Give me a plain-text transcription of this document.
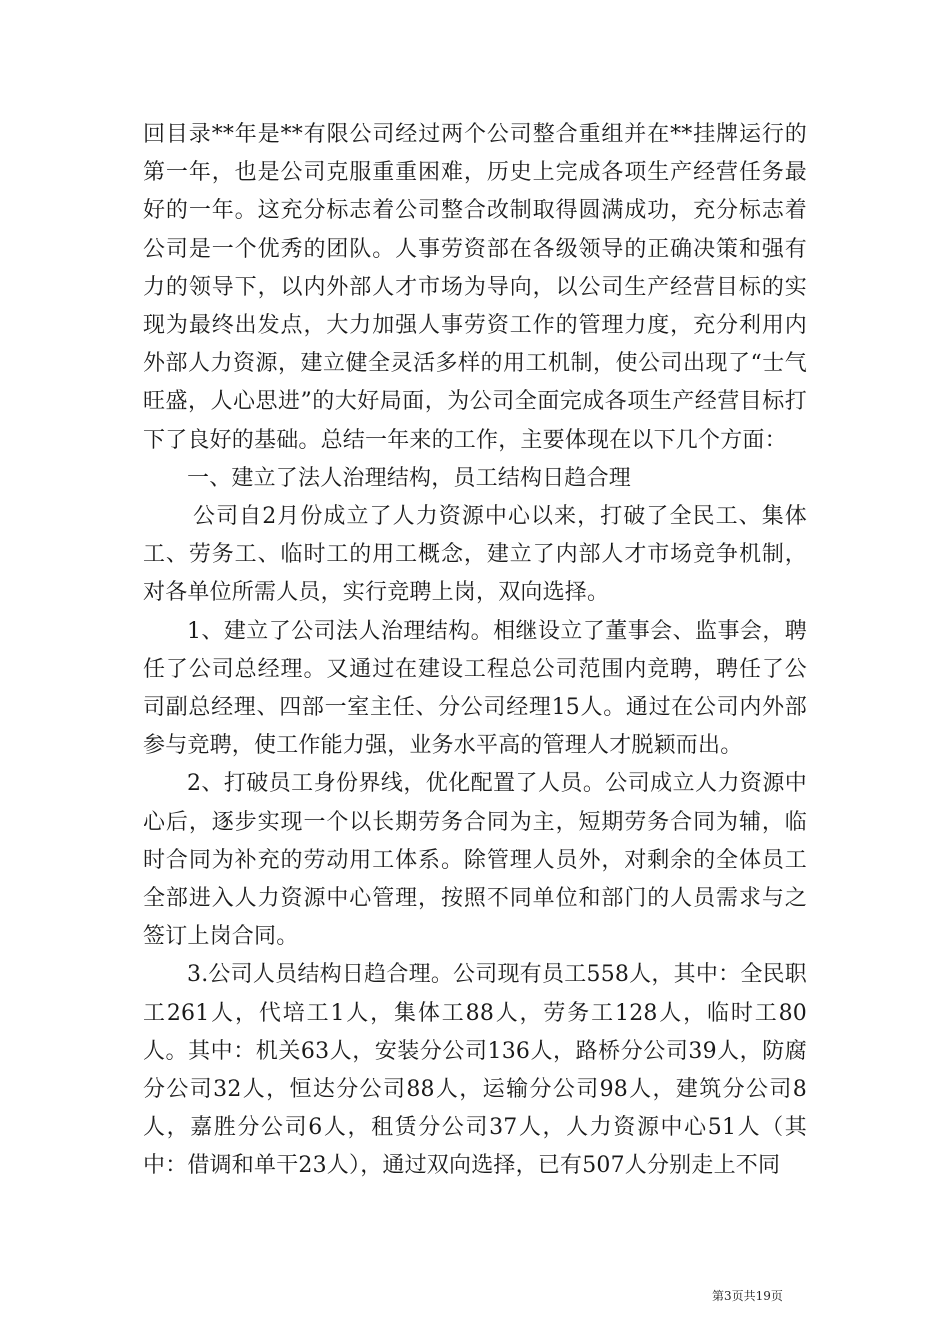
回目录**年是**有限公司经过两个公司整合重组并在**挂牌运行的第一年，也是公司克服重重困难，历史上完成各项生产经营任务最好的一年。这充分标志着公司整合改制取得圆满成功，充分标志着公司是一个优秀的团队。人事劳资部在各级领导的正确决策和强有力的领导下，以内外部人才市场为导向，以公司生产经营目标的实现为最终出发点，大力加强人事劳资工作的管理力度，充分利用内外部人力资源，建立健全灵活多样的用工机制，使公司出现了“士气旺盛，人心思进”的大好局面，为公司全面完成各项生产经营目标打下了良好的基础。总结一年来的工作，主要体现在以下几个方面：

一、建立了法人治理结构，员工结构日趋合理

公司自2月份成立了人力资源中心以来，打破了全民工、集体工、劳务工、临时工的用工概念，建立了内部人才市场竞争机制，对各单位所需人员，实行竞聘上岗，双向选择。

1、建立了公司法人治理结构。相继设立了董事会、监事会，聘任了公司总经理。又通过在建设工程总公司范围内竞聘，聘任了公司副总经理、四部一室主任、分公司经理15人。通过在公司内外部参与竞聘，使工作能力强，业务水平高的管理人才脱颖而出。

2、打破员工身份界线，优化配置了人员。公司成立人力资源中心后，逐步实现一个以长期劳务合同为主，短期劳务合同为辅，临时合同为补充的劳动用工体系。除管理人员外，对剩余的全体员工全部进入人力资源中心管理，按照不同单位和部门的人员需求与之签订上岗合同。

3.公司人员结构日趋合理。公司现有员工558人，其中：全民职工261人，代培工1人，集体工88人，劳务工128人，临时工80人。其中：机关63人，安装分公司136人，路桥分公司39人，防腐分公司32人，恒达分公司88人，运输分公司98人，建筑分公司8人，嘉胜分公司6人，租赁分公司37人，人力资源中心51人（其中：借调和单干23人），通过双向选择，已有507人分别走上不同

第3页共19页
